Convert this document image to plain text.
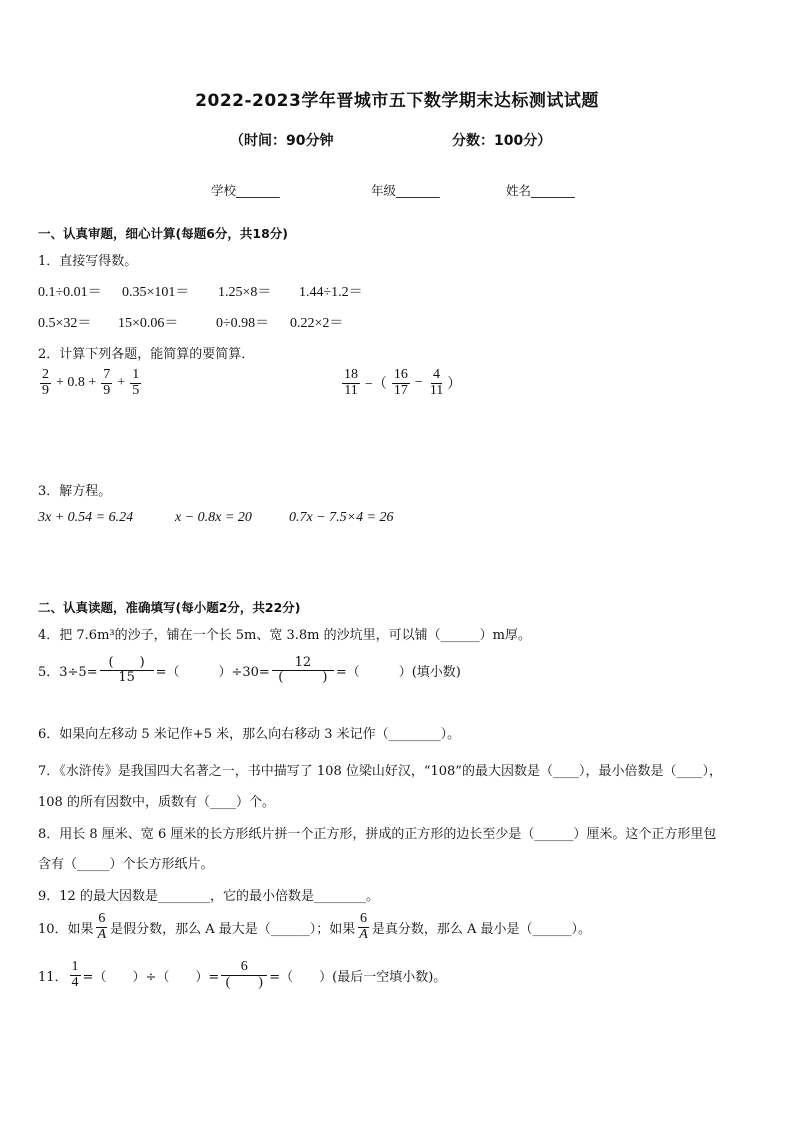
2022-2023学年晋城市五下数学期末达标测试试题
（时间：90分钟	分数：100分）
学校_______	年级_______	姓名_______
一、认真审题，细心计算(每题6分，共18分)
1．直接写得数。
0.1÷0.01＝ 0.35×101＝ 1.25×8＝ 1.44÷1.2＝
0.5×32＝ 15×0.06＝	0÷0.98＝ 0.22×2＝
2．计算下列各题，能简算的要简算．
$\frac{2}{9} + 0.8 + \frac{7}{9} + \frac{1}{5}$	$\frac{18}{11}$ −（ $\frac{16}{17} - \frac{4}{11}$ ）
3．解方程。
3x + 0.54 = 6.24	x − 0.8x = 20	0.7x − 7.5×4 = 26
二、认真读题，准确填写(每小题2分，共22分)
4．把 7.6m³的沙子，铺在一个长 5m、宽 3.8m 的沙坑里，可以铺（______）m厚。
5．$3\div 5= \frac{( )}{15}$ =（　　　）$\div 30= \frac{12}{( )}$ =（　　　）(填小数)
6．如果向左移动 5 米记作+5 米，那么向右移动 3 米记作（________）。
7．《水浒传》是我国四大名著之一，书中描写了 108 位梁山好汉，“108”的最大因数是（____），最小倍数是（____），
108 的所有因数中，质数有（____）个。
8．用长 8 厘米、宽 6 厘米的长方形纸片拼一个正方形，拼成的正方形的边长至少是（______）厘米。这个正方形里包
含有（_____）个长方形纸片。
9．12 的最大因数是________，它的最小倍数是________。
10．如果 $\frac{6}{A}$ 是假分数，那么 A 最大是（______）；如果 $\frac{6}{A}$ 是真分数，那么 A 最小是（______）。
11． $\frac{1}{4}$ =（　　）÷（　　）= $\frac{6}{( )}$ =（　　）(最后一空填小数)。
